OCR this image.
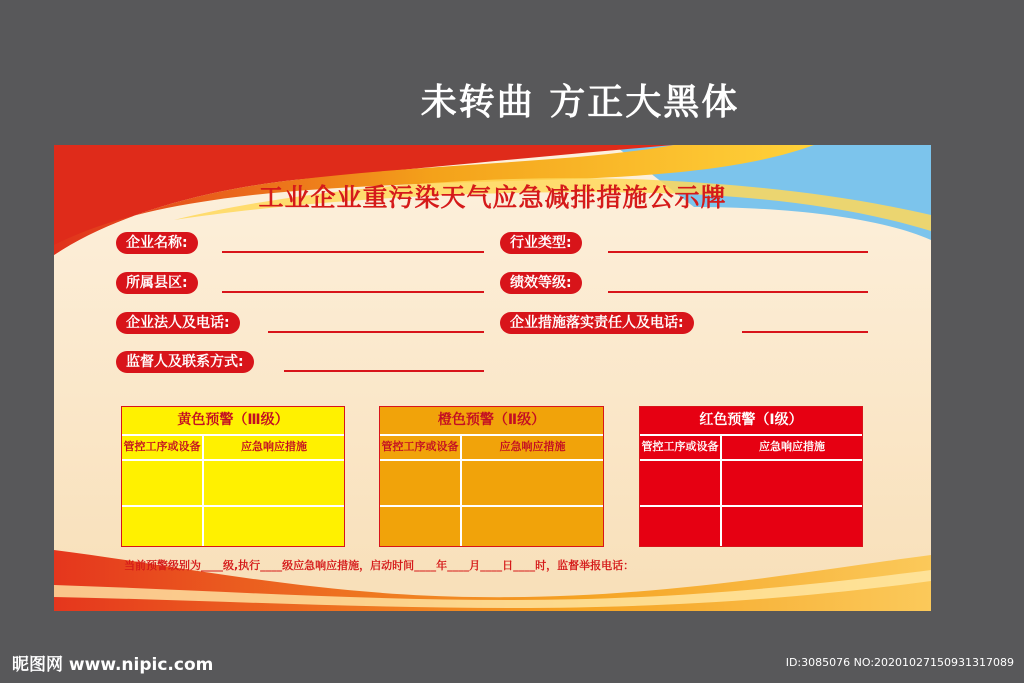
未转曲 方正大黑体
工业企业重污染天气应急减排措施公示牌
企业名称:	行业类型:
所属县区:	绩效等级:
企业法人及电话:	企业措施落实责任人及电话:
监督人及联系方式:
黄色预警（Ⅲ级）
管控工序或设备	应急响应措施
橙色预警（Ⅱ级）
管控工序或设备	应急响应措施
红色预警（Ⅰ级）
管控工序或设备	应急响应措施
当前预警级别为____级,执行____级应急响应措施，启动时间____年____月____日____时，监督举报电话：
昵图网 www.nipic.com	ID:3085076 NO:20201027150931317089
